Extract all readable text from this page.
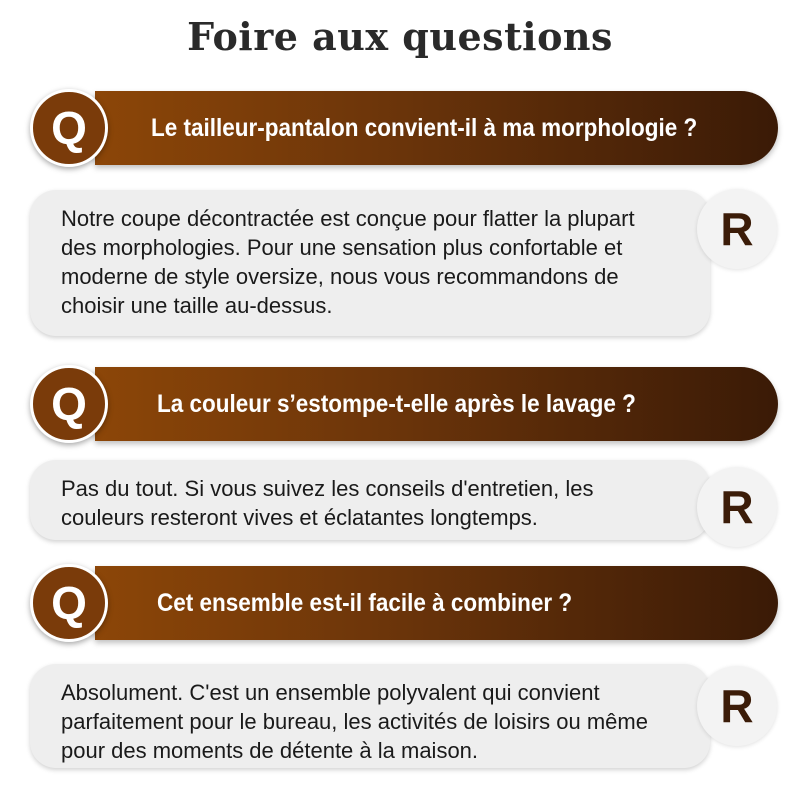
Foire aux questions
Le tailleur-pantalon convient-il à ma morphologie ?
Q
Notre coupe décontractée est conçue pour flatter la plupart des morphologies. Pour une sensation plus confortable et moderne de style oversize, nous vous recommandons de choisir une taille au-dessus.
R
La couleur s’estompe-t-elle après le lavage ?
Q
Pas du tout. Si vous suivez les conseils d'entretien, les couleurs resteront vives et éclatantes longtemps.	R
Cet ensemble est-il facile à combiner ?
Q
Absolument. C'est un ensemble polyvalent qui convient parfaitement pour le bureau, les activités de loisirs ou même pour des moments de détente à la maison.
R
